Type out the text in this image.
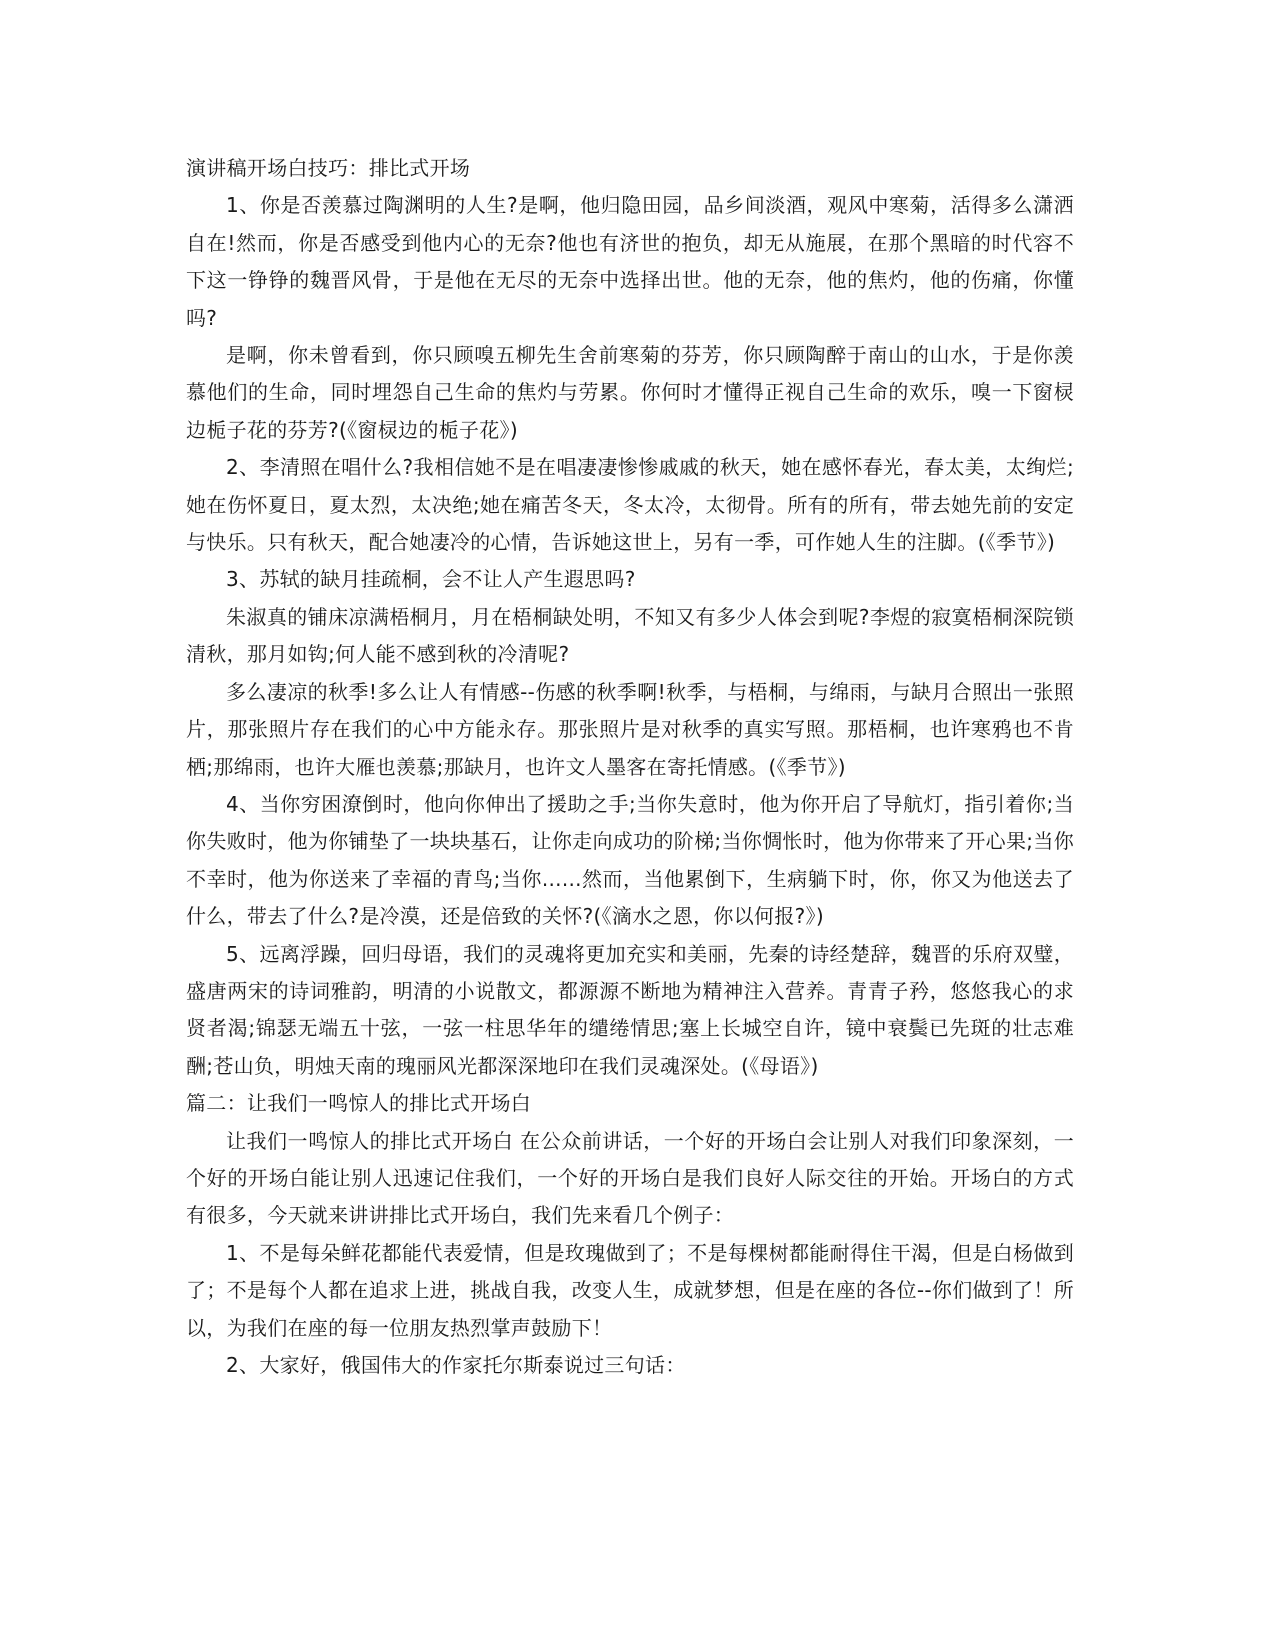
演讲稿开场白技巧：排比式开场

1、你是否羡慕过陶渊明的人生?是啊，他归隐田园，品乡间淡酒，观风中寒菊，活得多么潇洒自在!然而，你是否感受到他内心的无奈?他也有济世的抱负，却无从施展，在那个黑暗的时代容不下这一铮铮的魏晋风骨，于是他在无尽的无奈中选择出世。他的无奈，他的焦灼，他的伤痛，你懂吗?

是啊，你未曾看到，你只顾嗅五柳先生舍前寒菊的芬芳，你只顾陶醉于南山的山水，于是你羡慕他们的生命，同时埋怨自己生命的焦灼与劳累。你何时才懂得正视自己生命的欢乐，嗅一下窗棂边栀子花的芬芳?(《窗棂边的栀子花》)

2、李清照在唱什么?我相信她不是在唱凄凄惨惨戚戚的秋天，她在感怀春光，春太美，太绚烂;她在伤怀夏日，夏太烈，太决绝;她在痛苦冬天，冬太冷，太彻骨。所有的所有，带去她先前的安定与快乐。只有秋天，配合她凄冷的心情，告诉她这世上，另有一季，可作她人生的注脚。(《季节》)

3、苏轼的缺月挂疏桐，会不让人产生遐思吗?

朱淑真的铺床凉满梧桐月，月在梧桐缺处明，不知又有多少人体会到呢?李煜的寂寞梧桐深院锁清秋，那月如钩;何人能不感到秋的冷清呢?

多么凄凉的秋季!多么让人有情感--伤感的秋季啊!秋季，与梧桐，与绵雨，与缺月合照出一张照片，那张照片存在我们的心中方能永存。那张照片是对秋季的真实写照。那梧桐，也许寒鸦也不肯栖;那绵雨，也许大雁也羡慕;那缺月，也许文人墨客在寄托情感。(《季节》)

4、当你穷困潦倒时，他向你伸出了援助之手;当你失意时，他为你开启了导航灯，指引着你;当你失败时，他为你铺垫了一块块基石，让你走向成功的阶梯;当你惆怅时，他为你带来了开心果;当你不幸时，他为你送来了幸福的青鸟;当你......然而，当他累倒下，生病躺下时，你，你又为他送去了什么，带去了什么?是冷漠，还是倍致的关怀?(《滴水之恩，你以何报?》)

5、远离浮躁，回归母语，我们的灵魂将更加充实和美丽，先秦的诗经楚辞，魏晋的乐府双璧，盛唐两宋的诗词雅韵，明清的小说散文，都源源不断地为精神注入营养。青青子矜，悠悠我心的求贤者渴;锦瑟无端五十弦，一弦一柱思华年的缱绻情思;塞上长城空自许，镜中衰鬓已先斑的壮志难酬;苍山负，明烛天南的瑰丽风光都深深地印在我们灵魂深处。(《母语》)

篇二：让我们一鸣惊人的排比式开场白

让我们一鸣惊人的排比式开场白 在公众前讲话，一个好的开场白会让别人对我们印象深刻，一个好的开场白能让别人迅速记住我们，一个好的开场白是我们良好人际交往的开始。开场白的方式有很多，今天就来讲讲排比式开场白，我们先来看几个例子：

1、不是每朵鲜花都能代表爱情，但是玫瑰做到了；不是每棵树都能耐得住干渴，但是白杨做到了；不是每个人都在追求上进，挑战自我，改变人生，成就梦想，但是在座的各位--你们做到了！所以，为我们在座的每一位朋友热烈掌声鼓励下！

2、大家好，俄国伟大的作家托尔斯泰说过三句话：
